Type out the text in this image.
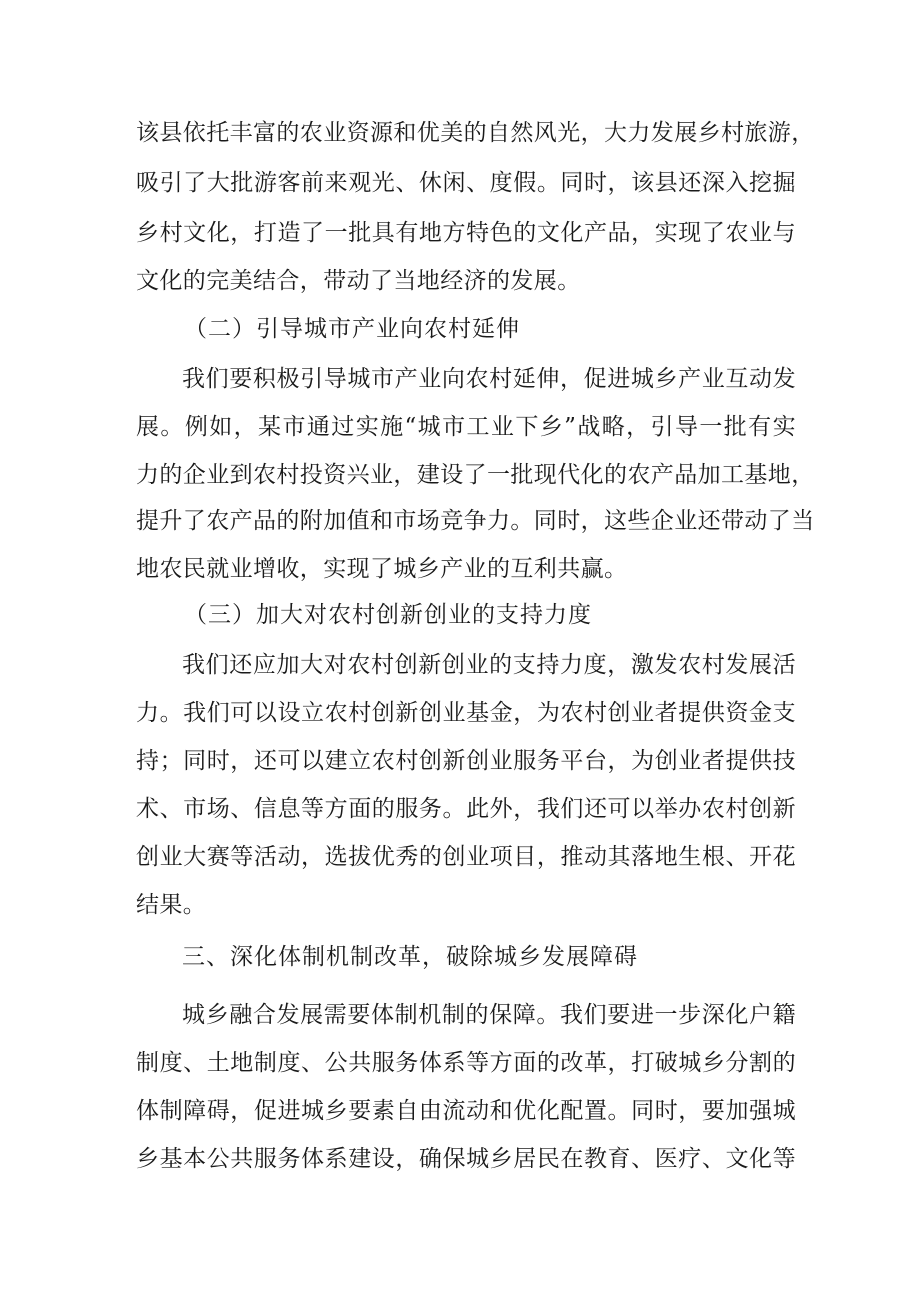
该县依托丰富的农业资源和优美的自然风光，大力发展乡村旅游，
吸引了大批游客前来观光、休闲、度假。同时，该县还深入挖掘
乡村文化，打造了一批具有地方特色的文化产品，实现了农业与
文化的完美结合，带动了当地经济的发展。
（二）引导城市产业向农村延伸
我们要积极引导城市产业向农村延伸，促进城乡产业互动发
展。例如，某市通过实施“城市工业下乡”战略，引导一批有实
力的企业到农村投资兴业，建设了一批现代化的农产品加工基地，
提升了农产品的附加值和市场竞争力。同时，这些企业还带动了当
地农民就业增收，实现了城乡产业的互利共赢。
（三）加大对农村创新创业的支持力度
我们还应加大对农村创新创业的支持力度，激发农村发展活
力。我们可以设立农村创新创业基金，为农村创业者提供资金支
持；同时，还可以建立农村创新创业服务平台，为创业者提供技
术、市场、信息等方面的服务。此外，我们还可以举办农村创新
创业大赛等活动，选拔优秀的创业项目，推动其落地生根、开花
结果。
三、深化体制机制改革，破除城乡发展障碍
城乡融合发展需要体制机制的保障。我们要进一步深化户籍
制度、土地制度、公共服务体系等方面的改革，打破城乡分割的
体制障碍，促进城乡要素自由流动和优化配置。同时，要加强城
乡基本公共服务体系建设，确保城乡居民在教育、医疗、文化等
